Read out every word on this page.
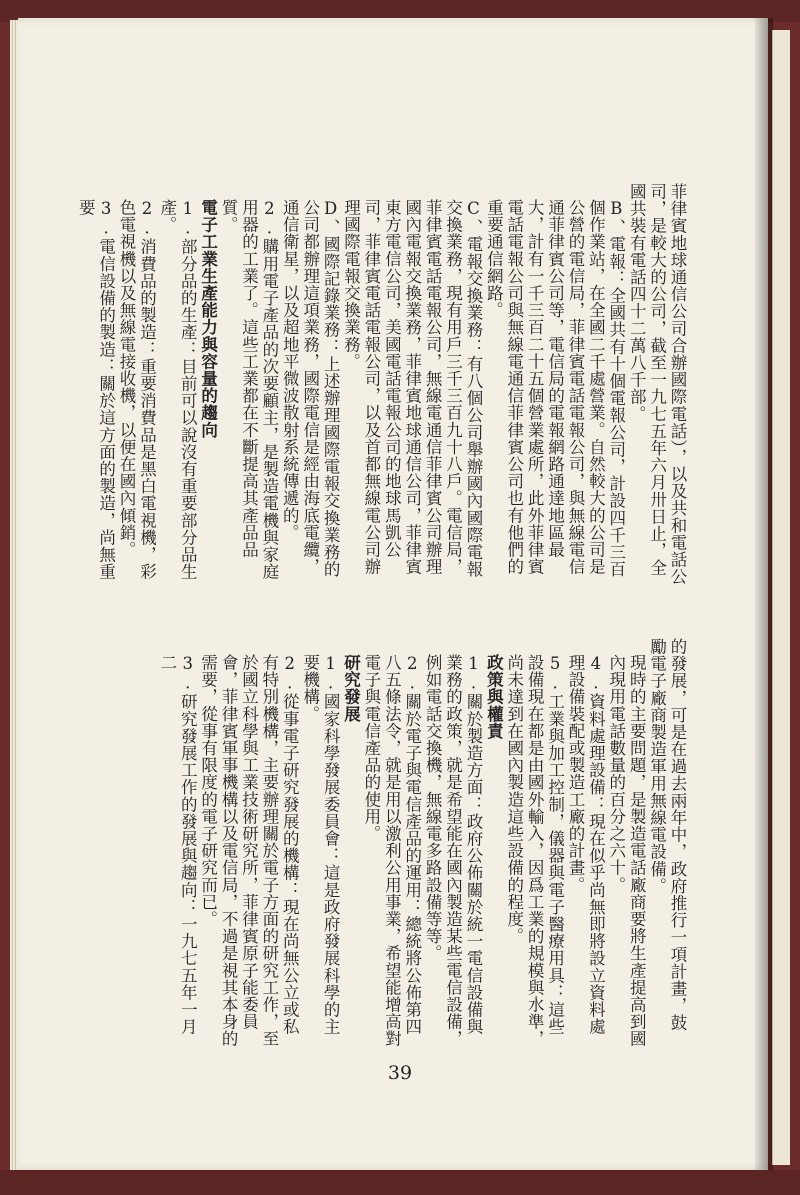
菲律賓地球通信公司合辦國際電話），以及共和電話公司，是較大的公司，截至一九七五年六月卅日止，全國共裝有電話四十二萬八千部。

B、電報：全國共有十個電報公司，計設四千三百個作業站，在全國二千處營業。自然較大的公司是公營的電信局，菲律賓電話電報公司，與無線電信通菲律賓公司等，電信局的電報網路通達地區最大，計有一千三百二十五個營業處所，此外菲律賓電話電報公司與無線電通信菲律賓公司也有他們的重要通信網路。

C、電報交換業務：有八個公司舉辦國內國際電報交換業務，現有用戶三千三百九十八戶。電信局，菲律賓電話電報公司，無線電通信菲律賓公司辦理國內電報交換業務，菲律賓地球通信公司，菲律賓東方電信公司，美國電話電報公司的地球馬凱公司，菲律賓電話電報公司，以及首都無線電公司辦理國際電報交換業務。

D、國際記錄業務：上述辦理國際電報交換業務的公司都辦理這項業務，國際電信是經由海底電纜，通信衛星，以及超地平微波散射系統傳遞的。

2.購用電子產品的次要顧主，是製造電機與家庭用器的工業了。這些工業都在不斷提高其產品品質。

電子工業生產能力與容量的趨向

1.部分品的生產：目前可以說沒有重要部分品生產。

2.消費品的製造：重要消費品是黑白電視機，彩色電視機以及無線電接收機，以便在國內傾銷。

3.電信設備的製造：關於這方面的製造，尚無重要

的發展，可是在過去兩年中，政府推行一項計畫，鼓勵電子廠商製造軍用無線電設備。

現時的主要問題，是製造電話廠商要將生產提高到國內現用電話數量的百分之六十。

4.資料處理設備：現在似乎尚無即將設立資料處理設備裝配或製造工廠的計畫。

5.工業與加工控制，儀器與電子醫療用具：這些設備現在都是由國外輸入，因爲工業的規模與水準，尚未達到在國內製造這些設備的程度。

政策與權責

1.關於製造方面：政府公佈關於統一電信設備與業務的政策，就是希望能在國內製造某些電信設備，例如電話交換機，無線電多路設備等等。

2.關於電子與電信產品的運用：總統將公佈第四八五條法令，就是用以激利公用事業，希望能增高對電子與電信產品的使用。

研究發展

1.國家科學發展委員會：這是政府發展科學的主要機構。

2.從事電子研究發展的機構：現在尚無公立或私有特別機構，主要辦理關於電子方面的研究工作，至於國立科學與工業技術研究所，菲律賓原子能委員會，菲律賓軍事機構以及電信局，不過是視其本身的需要，從事有限度的電子研究而已。

3.研究發展工作的發展與趨向：一九七五年一月二

39
